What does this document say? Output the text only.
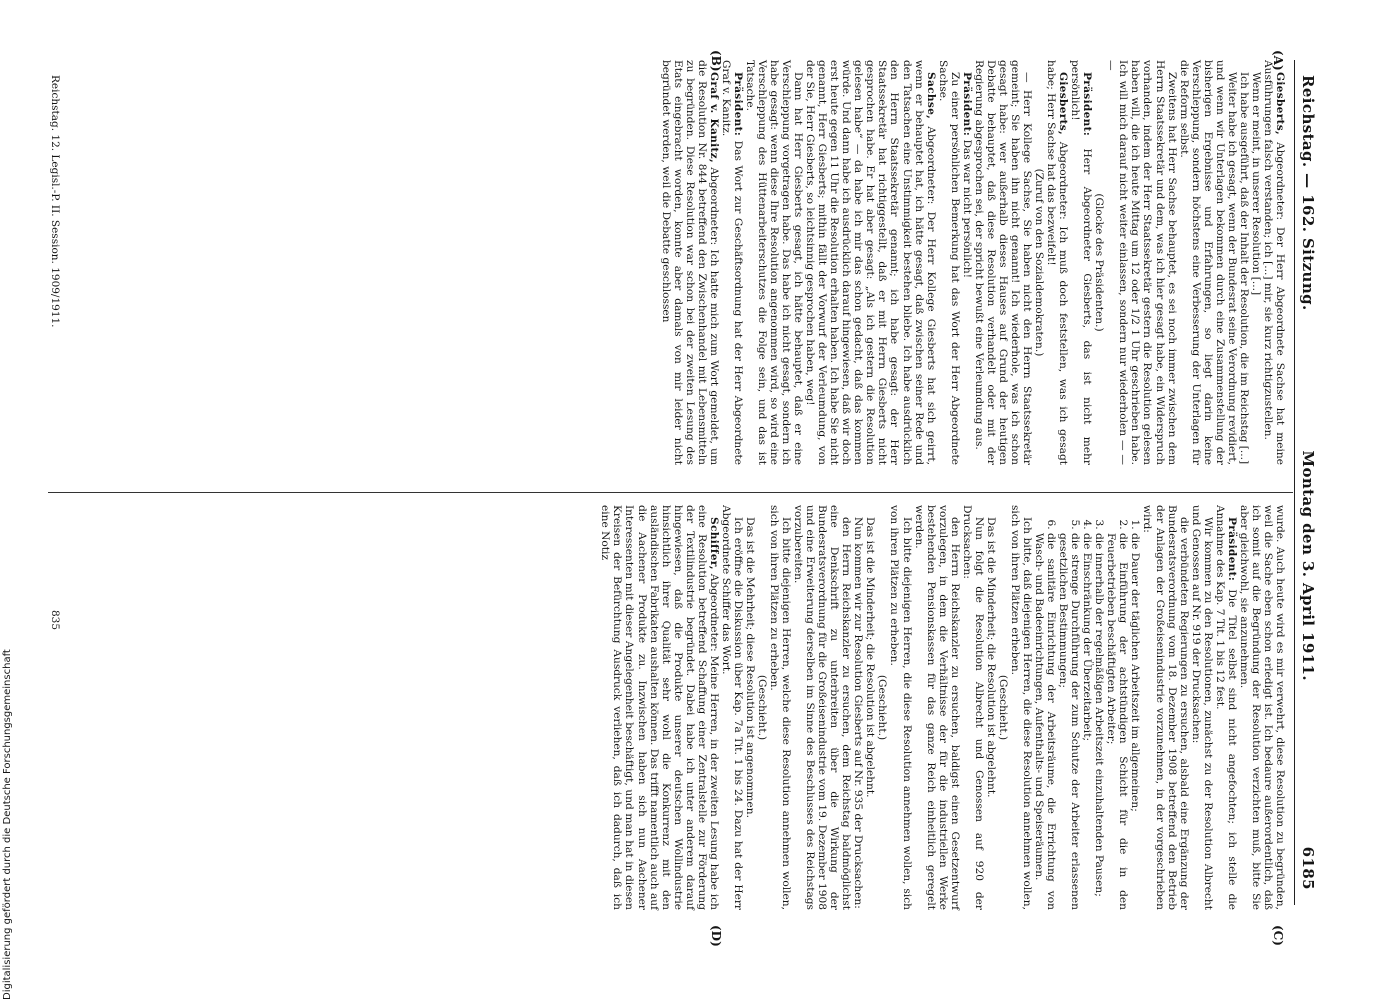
Reichstag. — 162. Sitzung.
Montag den 3. April 1911. 6185
(A)
(B)
(C)
(D)

Giesberts, Abgeordneter: Der Herr Abgeordnete Sachse hat meine Ausführungen falsch verstanden; ich [...] mir, sie kurz richtigzustellen.

Wenn er meint, in unserer Resolution [...]

Ich habe ausgeführt, daß der Inhalt der Resolution, die im Reichstag [...]

Weiter habe ich gesagt, wenn der Bundesrat seine Verordnung revidiert, und wenn wir Unterlagen bekommen durch eine Zusammenstellung der bisherigen Ergebnisse und Erfahrungen, so liegt darin keine Verschleppung, sondern höchstens eine Verbesserung der Unterlagen für die Reform selbst.

Zweitens hat Herr Sachse behauptet, es sei noch immer zwischen dem Herrn Staatssekretär und dem, was ich hier gesagt habe, ein Widerspruch vorhanden, indem der Herr Staatssekretär gestern die Resolution gelesen haben will, die ich heute Mittag um 12 oder 1/2 1 Uhr geschrieben habe. Ich will mich darauf nicht weiter einlassen, sondern nur wiederholen — — —

(Glocke des Präsidenten.)

Präsident: Herr Abgeordneter Giesberts, das ist nicht mehr persönlich!

Giesberts, Abgeordneter: Ich muß doch feststellen, was ich gesagt habe; Herr Sachse hat das bezweifelt!

(Zuruf von den Sozialdemokraten.)

— Herr Kollege Sachse, Sie haben nicht den Herrn Staatssekretär gemeint; Sie haben ihn nicht genannt! Ich wiederhole, was ich schon gesagt habe: wer außerhalb dieses Hauses auf Grund der heutigen Debatte behauptet, daß diese Resolution verhandelt oder mit der Regierung abgesprochen sei, der spricht bewußt eine Verleumdung aus.

Präsident: Das war nicht persönlich!

Zu einer persönlichen Bemerkung hat das Wort der Herr Abgeordnete Sachse.

Sachse, Abgeordneter: Der Herr Kollege Giesberts hat sich geirrt, wenn er behauptet hat, ich hätte gesagt, daß zwischen seiner Rede und den Tatsachen eine Unstimmigkeit bestehen bliebe. Ich habe ausdrücklich den Herrn Staatssekretär genannt; ich habe gesagt: der Herr Staatssekretär hat richtiggestellt, daß er mit Herrn Giesberts nicht gesprochen habe. Er hat aber gesagt: „Als ich gestern die Resolution gelesen habe“ — da habe ich mir das schon gedacht, daß das kommen würde. Und dann habe ich ausdrücklich darauf hingewiesen, daß wir doch erst heute gegen 11 Uhr die Resolution erhalten haben. Ich habe Sie nicht genannt, Herr Giesberts; mithin fällt der Vorwurf der Verleumdung, von der Sie, Herr Giesberts, so leichtsinnig gesprochen haben, weg!

Dann hat Herr Giesberts gesagt, ich hätte behauptet, daß er eine Verschleppung vorgetragen habe. Das habe ich nicht gesagt, sondern ich habe gesagt: wenn diese Ihre Resolution angenommen wird, so wird eine Verschleppung des Hüttenarbeiterschutzes die Folge sein, und das ist Tatsache.

Präsident: Das Wort zur Geschäftsordnung hat der Herr Abgeordnete Graf v. Kanitz.

Graf v. Kanitz, Abgeordneter: Ich hatte mich zum Wort gemeldet, um die Resolution Nr. 844 betreffend den Zwischenhandel mit Lebensmitteln zu begründen. Diese Resolution war schon bei der zweiten Lesung des Etats eingebracht worden, konnte aber damals von mir leider nicht begründet werden, weil die Debatte geschlossen

wurde. Auch heute wird es mir verwehrt, diese Resolution zu begründen, weil die Sache eben schon erledigt ist. Ich bedaure außerordentlich, daß ich somit auf die Begründung der Resolution verzichten muß, bitte Sie aber gleichwohl, sie anzunehmen.

Präsident: Die Titel selbst sind nicht angefochten; ich stelle die Annahme des Kap. 7 Tit. 1 bis 12 fest.

Wir kommen zu den Resolutionen, zunächst zu der Resolution Albrecht und Genossen auf Nr. 919 der Drucksachen:

die verbündeten Regierungen zu ersuchen, alsbald eine Ergänzung der Bundesratsverordnung vom 18. Dezember 1908 betreffend den Betrieb der Anlagen der Großeisenindustrie vorzunehmen, in der vorgeschrieben wird:

1. die Dauer der täglichen Arbeitszeit im allgemeinen;
2. die Einführung der achtstündigen Schicht für die in den Feuerbetrieben beschäftigten Arbeiter;
3. die innerhalb der regelmäßigen Arbeitszeit einzuhaltenden Pausen;
4. die Einschränkung der Überzeitarbeit;
5. die strenge Durchführung der zum Schutze der Arbeiter erlassenen gesetzlichen Bestimmungen;
6. die sanitäre Einrichtung der Arbeitsräume, die Errichtung von Wasch- und Badeeinrichtungen, Aufenthalts- und Speiseräumen.

Ich bitte, daß diejenigen Herren, die diese Resolution annehmen wollen, sich von ihren Plätzen erheben.

(Geschieht.)

Das ist die Minderheit; die Resolution ist abgelehnt.

Nun folgt die Resolution Albrecht und Genossen auf 920 der Drucksachen:

den Herrn Reichskanzler zu ersuchen, baldigst einen Gesetzentwurf vorzulegen, in dem die Verhältnisse der für die industriellen Werke bestehenden Pensionskassen für das ganze Reich einheitlich geregelt werden.

Ich bitte diejenigen Herren, die diese Resolution annehmen wollen, sich von ihren Plätzen zu erheben.

(Geschieht.)

Das ist die Minderheit; die Resolution ist abgelehnt.

Nun kommen wir zur Resolution Giesberts auf Nr. 935 der Drucksachen:

den Herrn Reichskanzler zu ersuchen, dem Reichstag baldmöglichst eine Denkschrift zu unterbreiten über die Wirkung der Bundesratsverordnung für die Großeisenindustrie vom 19. Dezember 1908 und eine Erweiterung derselben im Sinne des Beschlusses des Reichstags vorzubereiten.

Ich bitte diejenigen Herren, welche diese Resolution annehmen wollen, sich von ihren Plätzen zu erheben.

(Geschieht.)

Das ist die Mehrheit; diese Resolution ist angenommen.

Ich eröffne die Diskussion über Kap. 7a Tit. 1 bis 24. Dazu hat der Herr Abgeordnete Schiffer das Wort.

Schiffer, Abgeordneter: Meine Herren, in der zweiten Lesung habe ich eine Resolution betreffend Schaffung einer Zentralstelle zur Förderung der Textilindustrie begründet. Dabei habe ich unter anderem darauf hingewiesen, daß die Produkte unserer deutschen Wollindustrie hinsichtlich ihrer Qualität sehr wohl die Konkurrenz mit den ausländischen Fabrikaten aushalten können. Das trifft namentlich auch auf die Aachener Produkte zu. Inzwischen haben sich nun Aachener Interessenten mit dieser Angelegenheit beschäftigt, und man hat in diesen Kreisen der Befürchtung Ausdruck verliehen, daß ich dadurch, daß ich eine Notiz

Reichstag. 12. Legisl.-P. II. Session. 1909/1911.
835
Digitalisierung gefördert durch die Deutsche Forschungsgemeinschaft
